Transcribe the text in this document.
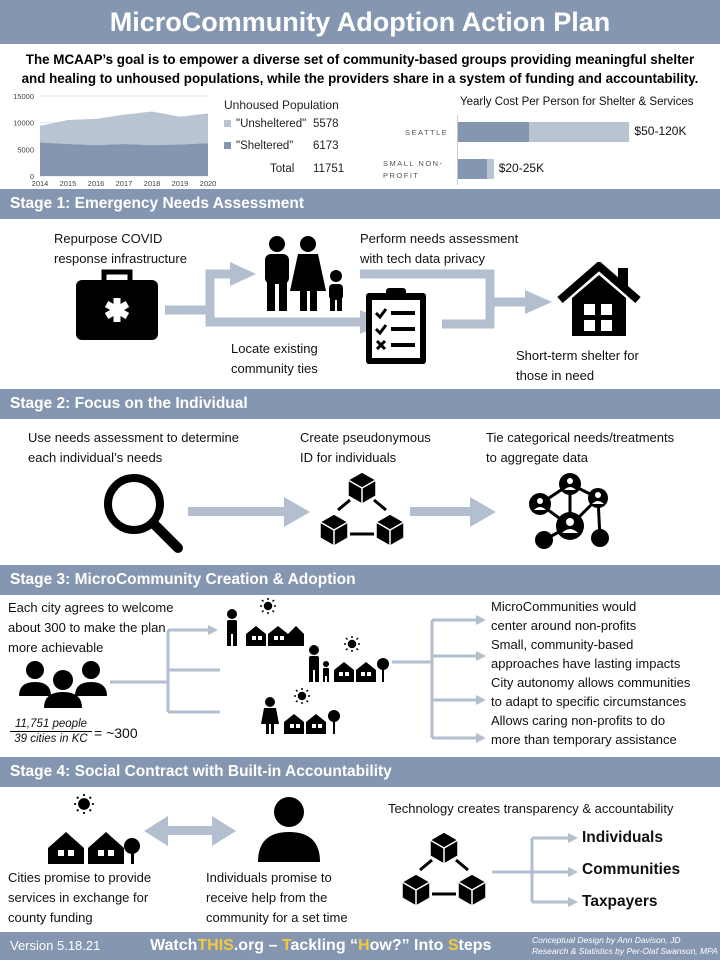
MicroCommunity Adoption Action Plan
The MCAAP’s goal is to empower a diverse set of community-based groups providing meaningful shelter
and healing to unhoused populations, while the providers share in a system of funding and accountability.
15000
10000
5000
0
2014 2015 2016 2017 2018 2019 2020
Unhoused Population
"Unsheltered" 5578
"Sheltered" 6173
Total 11751
Yearly Cost Per Person for Shelter & Services
SEATTLE
SMALL NON-PROFIT
$50-120K
$20-25K
Stage 1: Emergency Needs Assessment
Repurpose COVID
response infrastructure
Perform needs assessment
with tech data privacy
Locate existing
community ties
Short-term shelter for
those in need
Stage 2: Focus on the Individual
Use needs assessment to determine
each individual’s needs
Create pseudonymous
ID for individuals
Tie categorical needs/treatments
to aggregate data
Stage 3: MicroCommunity Creation & Adoption
Each city agrees to welcome
about 300 to make the plan
more achievable
11,751 people
39 cities in KC = ~300
MicroCommunities would
center around non-profits
Small, community-based
approaches have lasting impacts
City autonomy allows communities
to adapt to specific circumstances
Allows caring non-profits to do
more than temporary assistance
Stage 4: Social Contract with Built-in Accountability
Cities promise to provide
services in exchange for
county funding
Individuals promise to
receive help from the
community for a set time
Technology creates transparency & accountability
Individuals
Communities
Taxpayers
Version 5.18.21	WatchTHIS.org – Tackling “How?” Into Steps	Conceptual Design by Ann Davison, JD
Research & Statistics by Per-Olaf Swanson, MPA
